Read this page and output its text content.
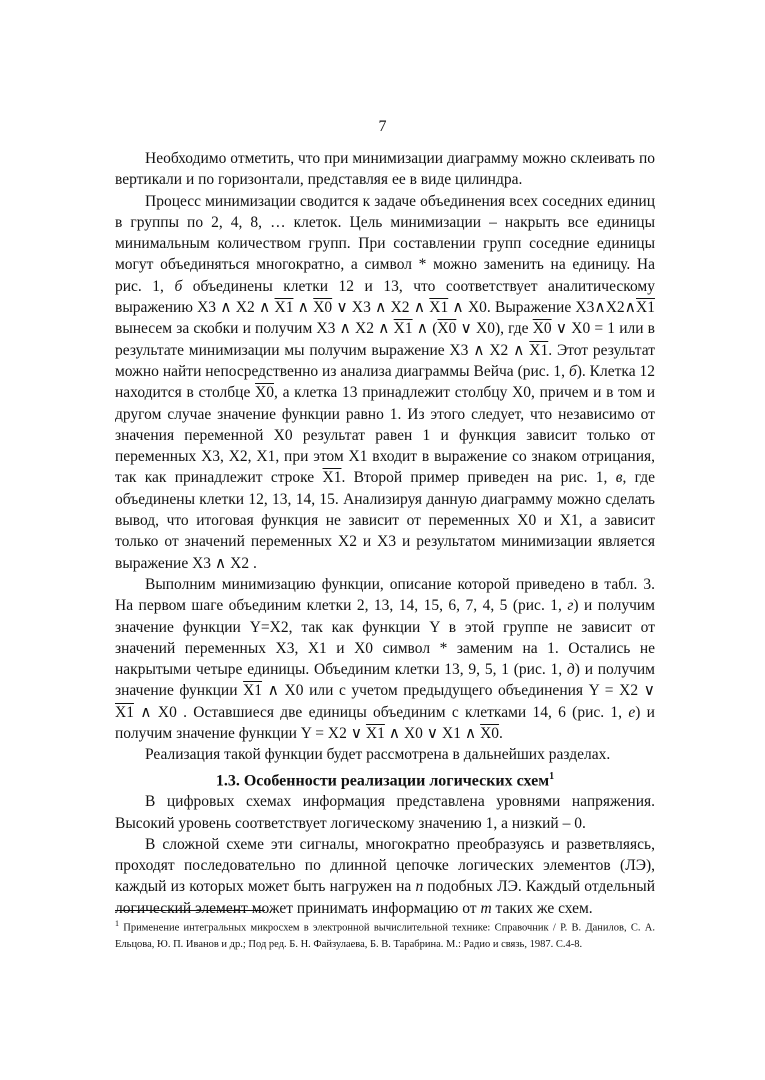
7

Необходимо отметить, что при минимизации диаграмму можно склеивать по вертикали и по горизонтали, представляя ее в виде цилиндра.

Процесс минимизации сводится к задаче объединения всех соседних единиц в группы по 2, 4, 8, … клеток. Цель минимизации – накрыть все единицы минимальным количеством групп. При составлении групп соседние единицы могут объединяться многократно, а символ * можно заменить на единицу. На рис. 1, б объединены клетки 12 и 13, что соответствует аналитическому выражению X3 ∧ X2 ∧ X1 ∧ X0 ∨ X3 ∧ X2 ∧ X1 ∧ X0. Выражение X3∧X2∧X1 вынесем за скобки и получим X3 ∧ X2 ∧ X1 ∧ (X0 ∨ X0), где X0 ∨ X0 = 1 или в результате минимизации мы получим выражение X3 ∧ X2 ∧ X1. Этот результат можно найти непосредственно из анализа диаграммы Вейча (рис. 1, б). Клетка 12 находится в столбце X0, а клетка 13 принадлежит столбцу X0, причем и в том и другом случае значение функции равно 1. Из этого следует, что независимо от значения переменной X0 результат равен 1 и функция зависит только от переменных X3, X2, X1, при этом X1 входит в выражение со знаком отрицания, так как принадлежит строке X1. Второй пример приведен на рис. 1, в, где объединены клетки 12, 13, 14, 15. Анализируя данную диаграмму можно сделать вывод, что итоговая функция не зависит от переменных X0 и X1, а зависит только от значений переменных X2 и X3 и результатом минимизации является выражение X3 ∧ X2 .

Выполним минимизацию функции, описание которой приведено в табл. 3. На первом шаге объединим клетки 2, 13, 14, 15, 6, 7, 4, 5 (рис. 1, г) и получим значение функции Y=X2, так как функции Y в этой группе не зависит от значений переменных X3, X1 и X0 символ * заменим на 1. Остались не накрытыми четыре единицы. Объединим клетки 13, 9, 5, 1 (рис. 1, д) и получим значение функции X1 ∧ X0 или с учетом предыдущего объединения Y = X2 ∨ X1 ∧ X0 . Оставшиеся две единицы объединим с клетками 14, 6 (рис. 1, е) и получим значение функции Y = X2 ∨ X1 ∧ X0 ∨ X1 ∧ X0.

Реализация такой функции будет рассмотрена в дальнейших разделах.

1.3. Особенности реализации логических схем$^1$

В цифровых схемах информация представлена уровнями напряжения. Высокий уровень соответствует логическому значению 1, а низкий – 0.

В сложной схеме эти сигналы, многократно преобразуясь и разветвляясь, проходят последовательно по длинной цепочке логических элементов (ЛЭ), каждый из которых может быть нагружен на n подобных ЛЭ. Каждый отдельный логический элемент может принимать информацию от m таких же схем.

$^1$ Применение интегральных микросхем в электронной вычислительной технике: Справочник / Р. В. Данилов, С. А. Ельцова, Ю. П. Иванов и др.; Под ред. Б. Н. Файзулаева, Б. В. Тарабрина. М.: Радио и связь, 1987. С.4-8.
